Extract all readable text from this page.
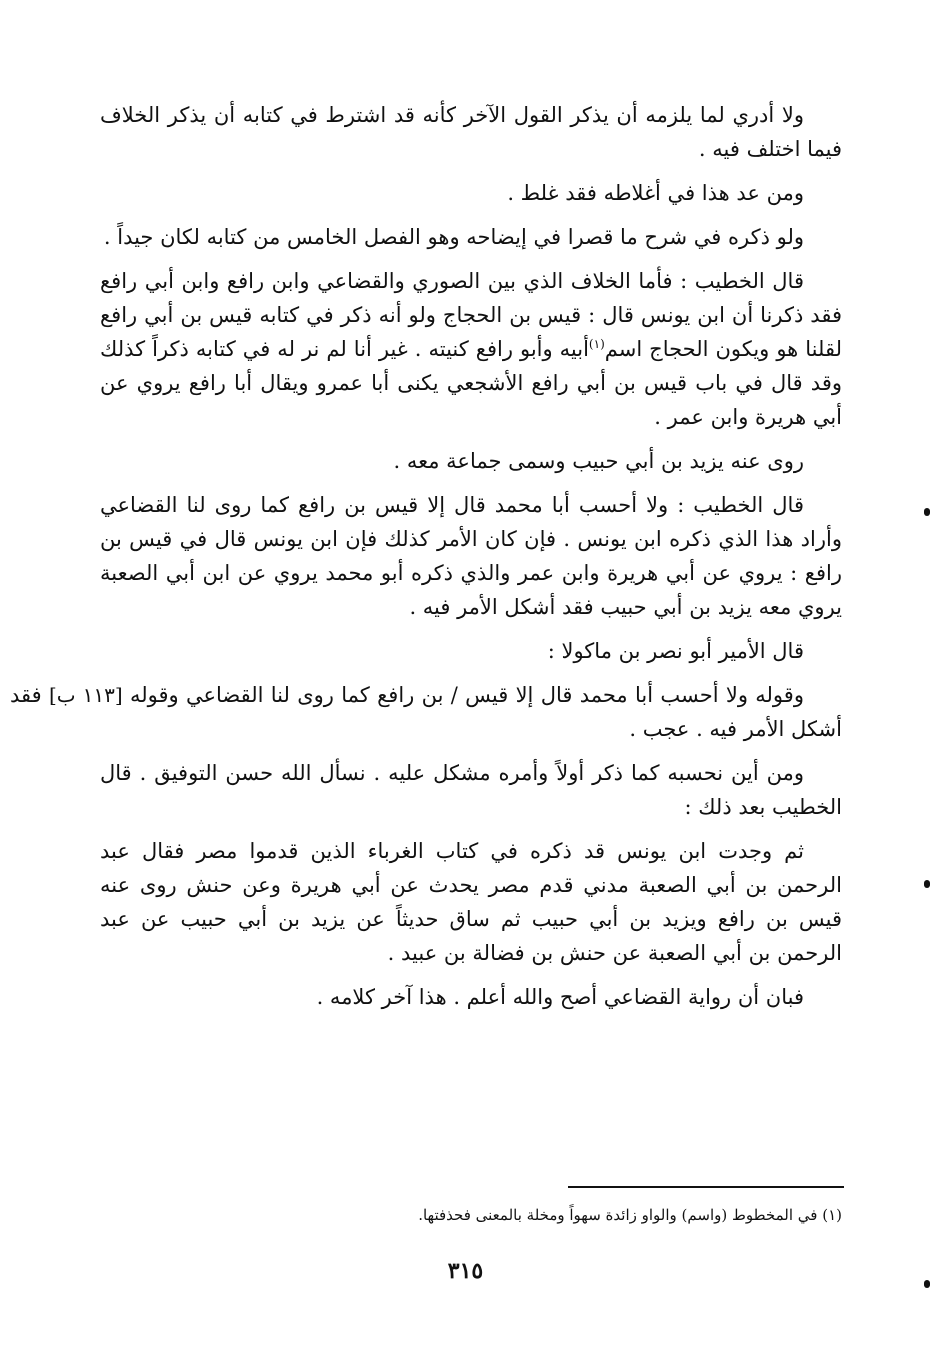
ولا أدري لما يلزمه أن يذكر القول الآخر كأنه قد اشترط في كتابه أن يذكر الخلاف فيما اختلف فيه .

ومن عد هذا في أغلاطه فقد غلط .

ولو ذكره في شرح ما قصرا في إيضاحه وهو الفصل الخامس من كتابه لكان جيداً .

قال الخطيب : فأما الخلاف الذي بين الصوري والقضاعي وابن رافع وابن أبي رافع فقد ذكرنا أن ابن يونس قال : قيس بن الحجاج ولو أنه ذكر في كتابه قيس بن أبي رافع لقلنا هو ويكون الحجاج اسم$^{(١)}$أبيه وأبو رافع كنيته . غير أنا لم نر له في كتابه ذكراً كذلك وقد قال في باب قيس بن أبي رافع الأشجعي يكنى أبا عمرو ويقال أبا رافع يروي عن أبي هريرة وابن عمر .

روى عنه يزيد بن أبي حبيب وسمى جماعة معه .

قال الخطيب : ولا أحسب أبا محمد قال إلا قيس بن رافع كما روى لنا القضاعي وأراد هذا الذي ذكره ابن يونس . فإن كان الأمر كذلك فإن ابن يونس قال في قيس بن رافع : يروي عن أبي هريرة وابن عمر والذي ذكره أبو محمد يروي عن ابن أبي الصعبة يروي معه يزيد بن أبي حبيب فقد أشكل الأمر فيه .

قال الأمير أبو نصر بن ماكولا :

وقوله ولا أحسب أبا محمد قال إلا قيس / بن رافع كما روى لنا القضاعي وقوله [١١٣ ب] فقد أشكل الأمر فيه . عجب .

ومن أين نحسبه كما ذكر أولاً وأمره مشكل عليه . نسأل الله حسن التوفيق . قال الخطيب بعد ذلك :

ثم وجدت ابن يونس قد ذكره في كتاب الغرباء الذين قدموا مصر فقال عبد الرحمن بن أبي الصعبة مدني قدم مصر يحدث عن أبي هريرة وعن حنش روى عنه قيس بن رافع ويزيد بن أبي حبيب ثم ساق حديثاً عن يزيد بن أبي حبيب عن عبد الرحمن بن أبي الصعبة عن حنش بن فضالة بن عبيد .

فبان أن رواية القضاعي أصح والله أعلم . هذا آخر كلامه .

(١) في المخطوط (واسم) والواو زائدة سهواً ومخلة بالمعنى فحذفتها.
٣١٥
